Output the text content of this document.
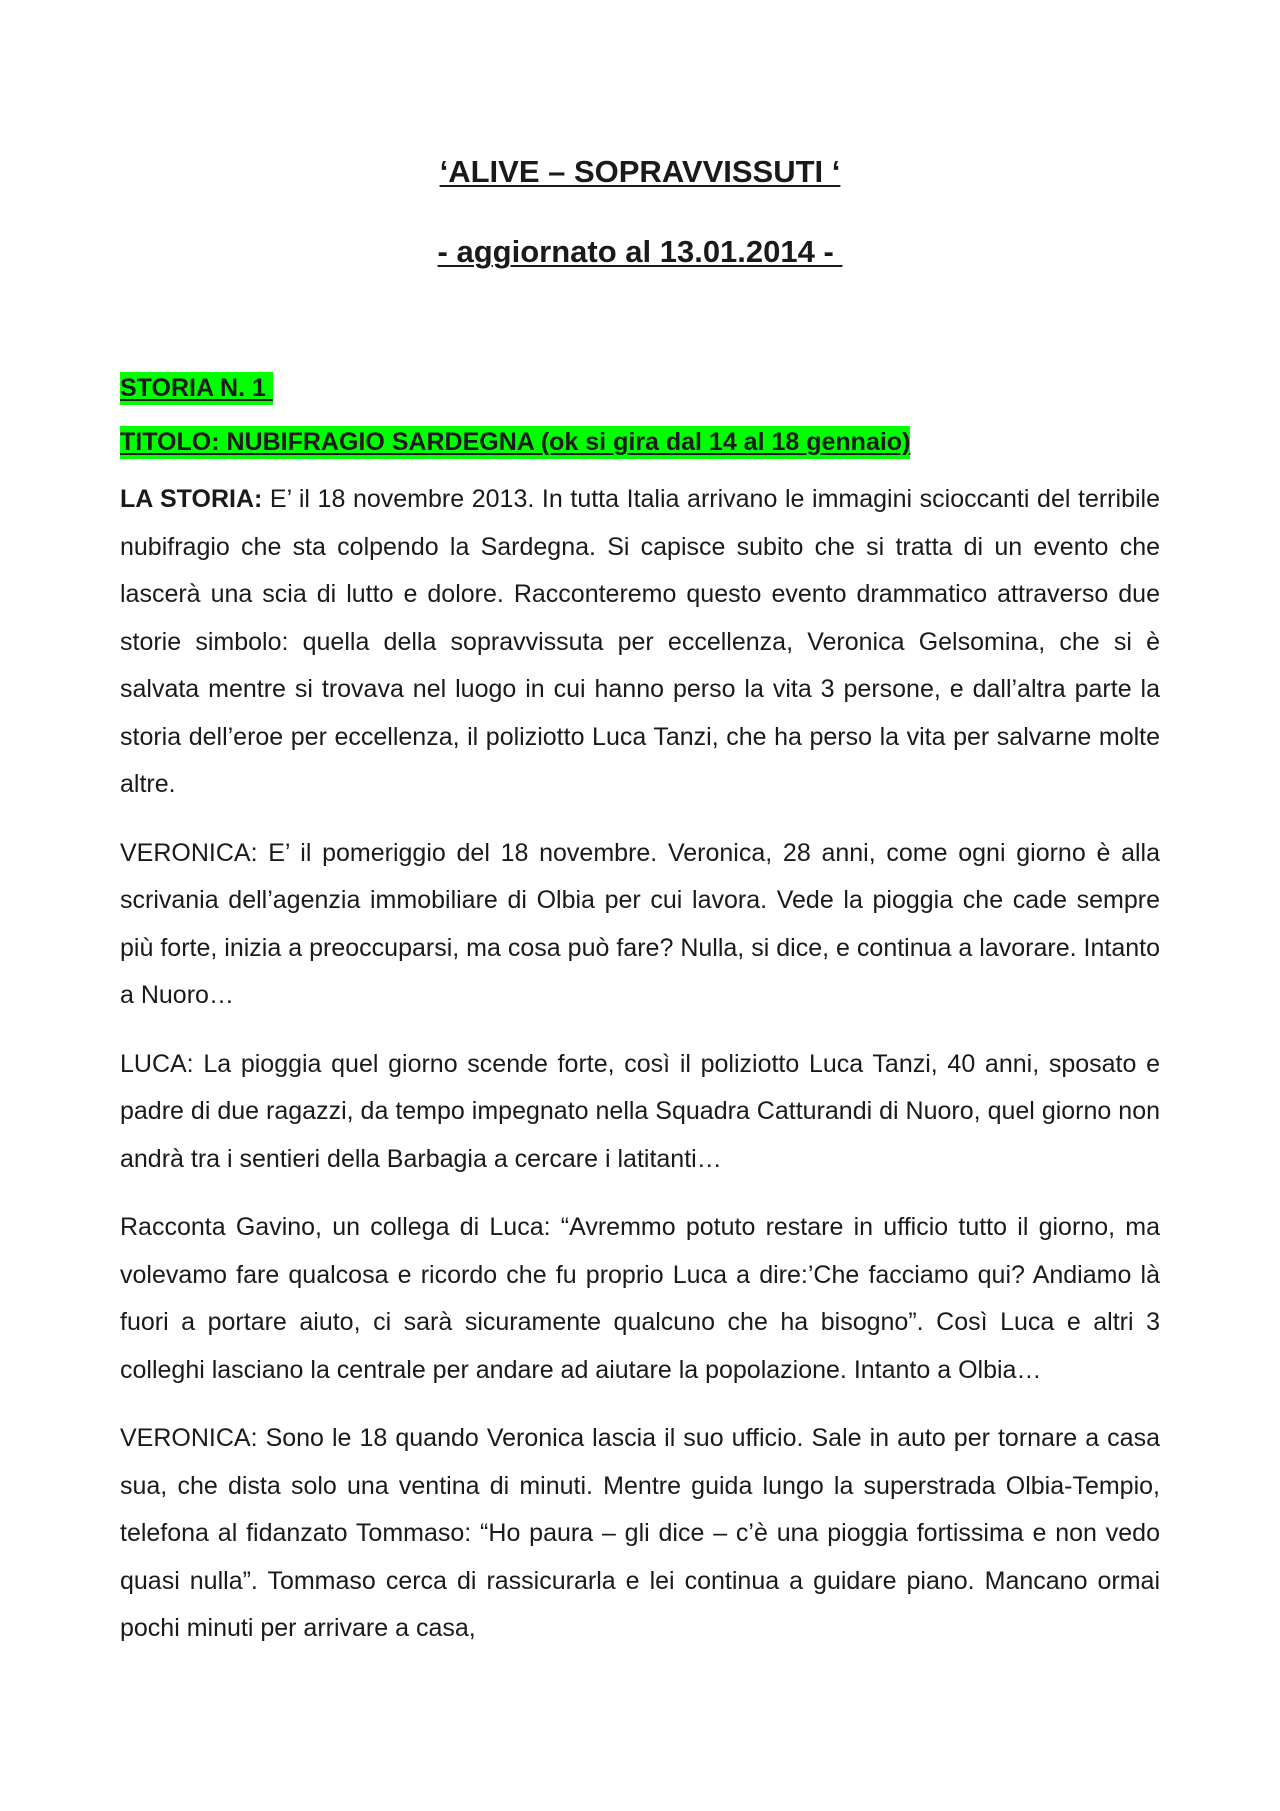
‘ALIVE – SOPRAVVISSUTI ‘
- aggiornato al 13.01.2014 -
STORIA N. 1
TITOLO: NUBIFRAGIO SARDEGNA (ok si gira dal 14 al 18 gennaio)

LA STORIA: E’ il 18 novembre 2013. In tutta Italia arrivano le immagini scioccanti del terribile nubifragio che sta colpendo la Sardegna. Si capisce subito che si tratta di un evento che lascerà una scia di lutto e dolore. Racconteremo questo evento drammatico attraverso due storie simbolo: quella della sopravvissuta per eccellenza, Veronica Gelsomina, che si è salvata mentre si trovava nel luogo in cui hanno perso la vita 3 persone, e dall’altra parte la storia dell’eroe per eccellenza, il poliziotto Luca Tanzi, che ha perso la vita per salvarne molte altre.

VERONICA: E’ il pomeriggio del 18 novembre. Veronica, 28 anni, come ogni giorno è alla scrivania dell’agenzia immobiliare di Olbia per cui lavora. Vede la pioggia che cade sempre più forte, inizia a preoccuparsi, ma cosa può fare? Nulla, si dice, e continua a lavorare. Intanto a Nuoro…

LUCA: La pioggia quel giorno scende forte, così il poliziotto Luca Tanzi, 40 anni, sposato e padre di due ragazzi, da tempo impegnato nella Squadra Catturandi di Nuoro, quel giorno non andrà tra i sentieri della Barbagia a cercare i latitanti…

Racconta Gavino, un collega di Luca: “Avremmo potuto restare in ufficio tutto il giorno, ma volevamo fare qualcosa e ricordo che fu proprio Luca a dire:’Che facciamo qui? Andiamo là fuori a portare aiuto, ci sarà sicuramente qualcuno che ha bisogno”. Così Luca e altri 3 colleghi lasciano la centrale per andare ad aiutare la popolazione. Intanto a Olbia…

VERONICA: Sono le 18 quando Veronica lascia il suo ufficio. Sale in auto per tornare a casa sua, che dista solo una ventina di minuti. Mentre guida lungo la superstrada Olbia-Tempio, telefona al fidanzato Tommaso: “Ho paura – gli dice – c’è una pioggia fortissima e non vedo quasi nulla”. Tommaso cerca di rassicurarla e lei continua a guidare piano. Mancano ormai pochi minuti per arrivare a casa,
